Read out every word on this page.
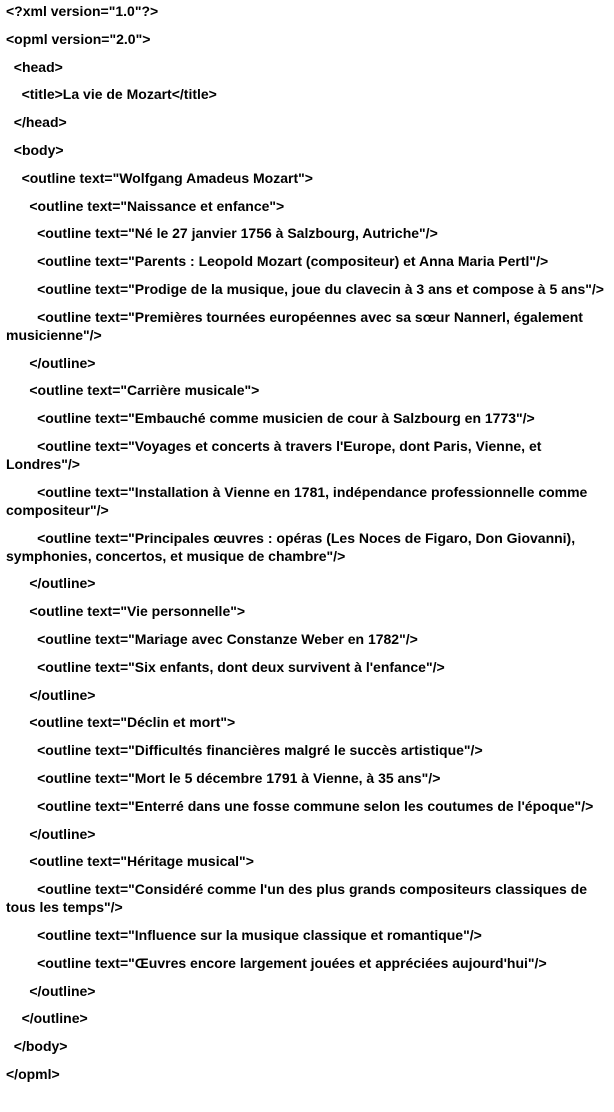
<?xml version="1.0"?>
<opml version="2.0">
<head>
<title>La vie de Mozart</title>
</head>
<body>
<outline text="Wolfgang Amadeus Mozart">
<outline text="Naissance et enfance">
<outline text="Né le 27 janvier 1756 à Salzbourg, Autriche"/>
<outline text="Parents : Leopold Mozart (compositeur) et Anna Maria Pertl"/>
<outline text="Prodige de la musique, joue du clavecin à 3 ans et compose à 5 ans"/>
<outline text="Premières tournées européennes avec sa sœur Nannerl, également musicienne"/>
</outline>
<outline text="Carrière musicale">
<outline text="Embauché comme musicien de cour à Salzbourg en 1773"/>
<outline text="Voyages et concerts à travers l'Europe, dont Paris, Vienne, et Londres"/>
<outline text="Installation à Vienne en 1781, indépendance professionnelle comme compositeur"/>
<outline text="Principales œuvres : opéras (Les Noces de Figaro, Don Giovanni), symphonies, concertos, et musique de chambre"/>
</outline>
<outline text="Vie personnelle">
<outline text="Mariage avec Constanze Weber en 1782"/>
<outline text="Six enfants, dont deux survivent à l'enfance"/>
</outline>
<outline text="Déclin et mort">
<outline text="Difficultés financières malgré le succès artistique"/>
<outline text="Mort le 5 décembre 1791 à Vienne, à 35 ans"/>
<outline text="Enterré dans une fosse commune selon les coutumes de l'époque"/>
</outline>
<outline text="Héritage musical">
<outline text="Considéré comme l'un des plus grands compositeurs classiques de tous les temps"/>
<outline text="Influence sur la musique classique et romantique"/>
<outline text="Œuvres encore largement jouées et appréciées aujourd'hui"/>
</outline>
</outline>
</body>
</opml>
